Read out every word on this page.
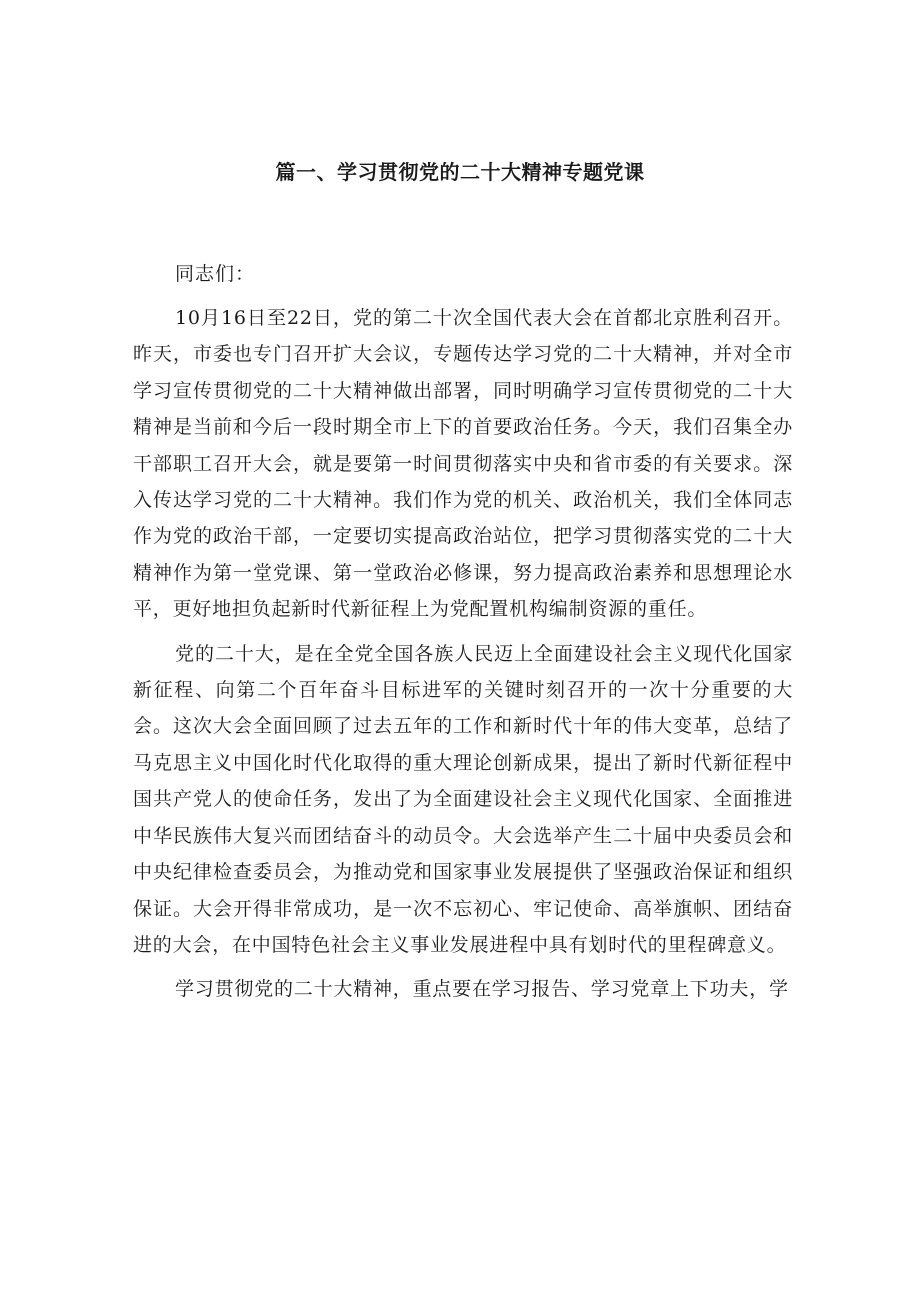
篇一、学习贯彻党的二十大精神专题党课

同志们：

10月16日至22日，党的第二十次全国代表大会在首都北京胜利召开。昨天，市委也专门召开扩大会议，专题传达学习党的二十大精神，并对全市学习宣传贯彻党的二十大精神做出部署，同时明确学习宣传贯彻党的二十大精神是当前和今后一段时期全市上下的首要政治任务。今天，我们召集全办干部职工召开大会，就是要第一时间贯彻落实中央和省市委的有关要求。深入传达学习党的二十大精神。我们作为党的机关、政治机关，我们全体同志作为党的政治干部，一定要切实提高政治站位，把学习贯彻落实党的二十大精神作为第一堂党课、第一堂政治必修课，努力提高政治素养和思想理论水平，更好地担负起新时代新征程上为党配置机构编制资源的重任。

党的二十大，是在全党全国各族人民迈上全面建设社会主义现代化国家新征程、向第二个百年奋斗目标进军的关键时刻召开的一次十分重要的大会。这次大会全面回顾了过去五年的工作和新时代十年的伟大变革，总结了马克思主义中国化时代化取得的重大理论创新成果，提出了新时代新征程中国共产党人的使命任务，发出了为全面建设社会主义现代化国家、全面推进中华民族伟大复兴而团结奋斗的动员令。大会选举产生二十届中央委员会和中央纪律检查委员会，为推动党和国家事业发展提供了坚强政治保证和组织保证。大会开得非常成功，是一次不忘初心、牢记使命、高举旗帜、团结奋进的大会，在中国特色社会主义事业发展进程中具有划时代的里程碑意义。

学习贯彻党的二十大精神，重点要在学习报告、学习党章上下功夫，学
